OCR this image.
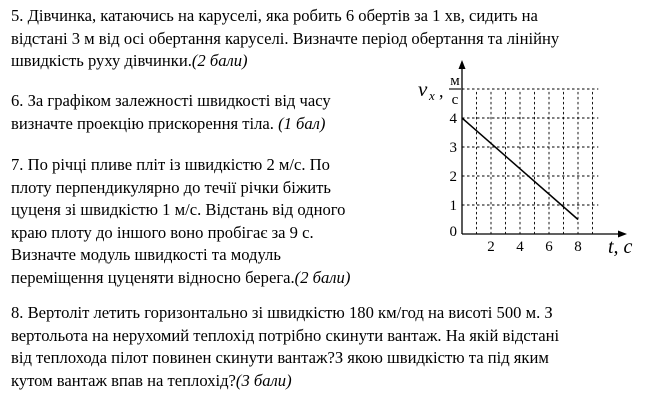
5. Дівчинка, катаючись на каруселі, яка робить 6 обертів за 1 хв, сидить на
відстані 3 м від осі обертання каруселі. Визначте період обертання та лінійну
швидкість руху дівчинки.(2 бали)
6. За графіком залежності швидкості від часу
визначте проекцію прискорення тіла. (1 бал)
7. По річці пливе пліт із швидкістю 2 м/с. По
плоту перпендикулярно до течії річки біжить
цуценя зі швидкістю 1 м/с. Відстань від одного
краю плоту до іншого воно пробігає за 9 с.
Визначте модуль швидкості та модуль
переміщення цуценяти відносно берега.(2 бали)
8. Вертоліт летить горизонтально зі швидкістю 180 км/год на висоті 500 м. З
вертольота на нерухомий теплохід потрібно скинути вантаж. На якій відстані
від теплохода пілот повинен скинути вантаж?З якою швидкістю та під яким
кутом вантаж впав на теплохід?(3 бали)
2 4 6 8
1
2
3
4
0
v x , м
с
t, c
